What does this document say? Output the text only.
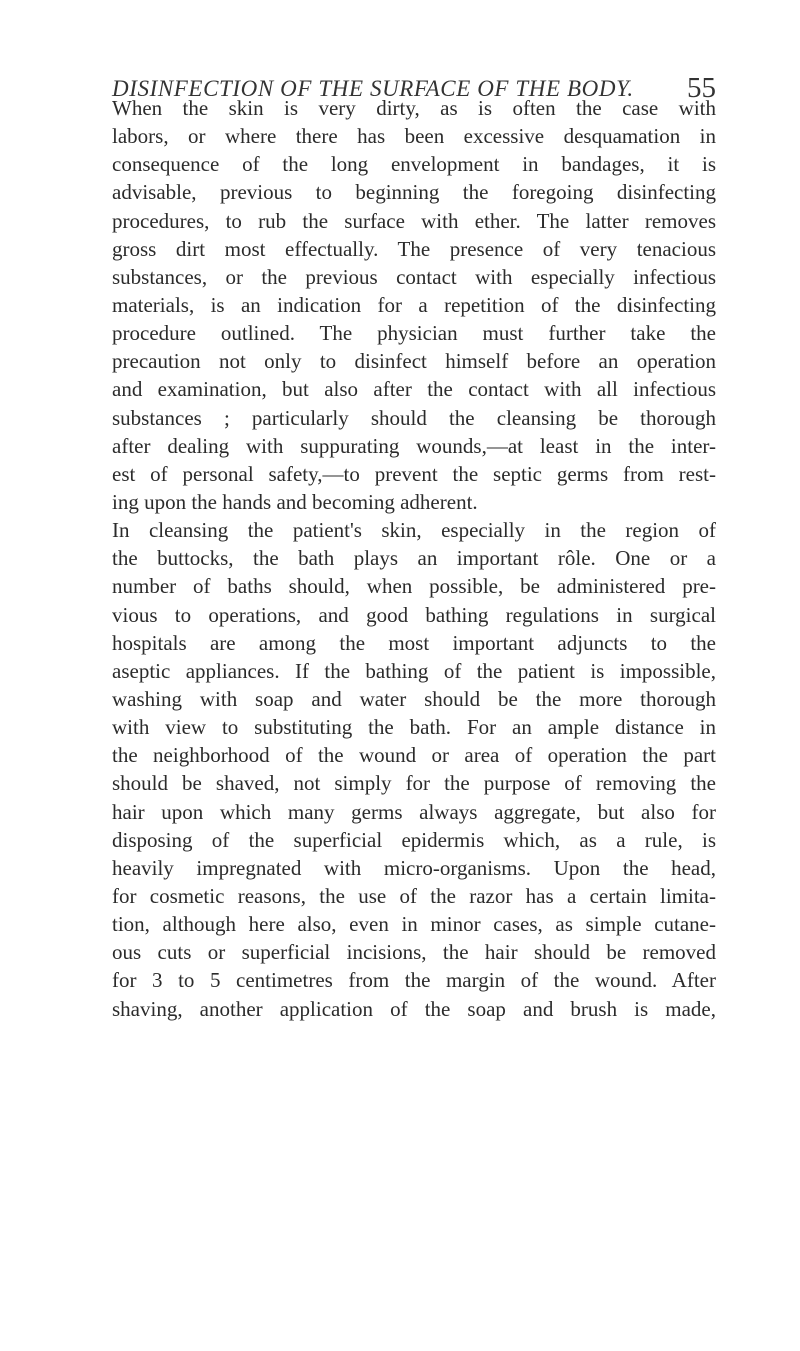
DISINFECTION OF THE SURFACE OF THE BODY. 55
When the skin is very dirty, as is often the case with
labors, or where there has been excessive desquamation in
consequence of the long envelopment in bandages, it is
advisable, previous to beginning the foregoing disinfecting
procedures, to rub the surface with ether. The latter removes
gross dirt most effectually. The presence of very tenacious
substances, or the previous contact with especially infectious
materials, is an indication for a repetition of the disinfecting
procedure outlined. The physician must further take the
precaution not only to disinfect himself before an operation
and examination, but also after the contact with all infectious
substances ; particularly should the cleansing be thorough
after dealing with suppurating wounds,—at least in the inter-
est of personal safety,—to prevent the septic germs from rest-
ing upon the hands and becoming adherent.
In cleansing the patient's skin, especially in the region of
the buttocks, the bath plays an important rôle. One or a
number of baths should, when possible, be administered pre-
vious to operations, and good bathing regulations in surgical
hospitals are among the most important adjuncts to the
aseptic appliances. If the bathing of the patient is impossible,
washing with soap and water should be the more thorough
with view to substituting the bath. For an ample distance in
the neighborhood of the wound or area of operation the part
should be shaved, not simply for the purpose of removing the
hair upon which many germs always aggregate, but also for
disposing of the superficial epidermis which, as a rule, is
heavily impregnated with micro-organisms. Upon the head,
for cosmetic reasons, the use of the razor has a certain limita-
tion, although here also, even in minor cases, as simple cutane-
ous cuts or superficial incisions, the hair should be removed
for 3 to 5 centimetres from the margin of the wound. After
shaving, another application of the soap and brush is made,
